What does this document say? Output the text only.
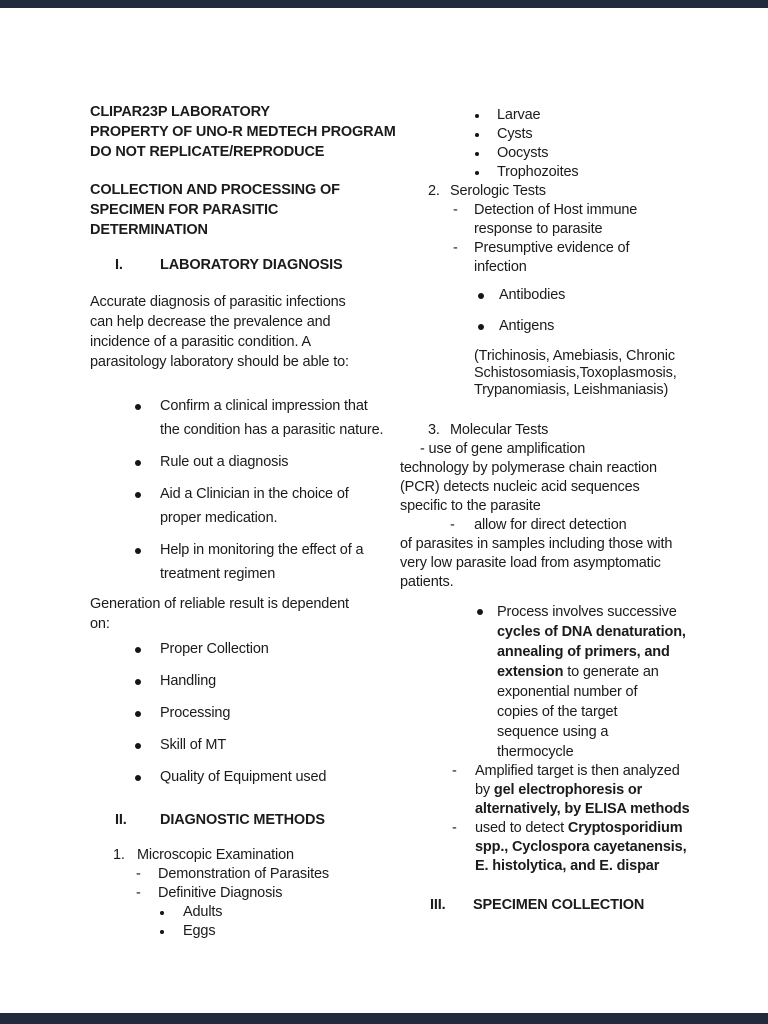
CLIPAR23P LABORATORY
PROPERTY OF UNO-R MEDTECH PROGRAM
DO NOT REPLICATE/REPRODUCE
COLLECTION AND PROCESSING OF
SPECIMEN FOR PARASITIC
DETERMINATION
I.	LABORATORY DIAGNOSIS
Accurate diagnosis of parasitic infections
can help decrease the prevalence and
incidence of a parasitic condition. A
parasitology laboratory should be able to:
Confirm a clinical impression that
the condition has a parasitic nature.
Rule out a diagnosis
Aid a Clinician in the choice of
proper medication.
Help in monitoring the effect of a
treatment regimen
Generation of reliable result is dependent
on:
Proper Collection
Handling
Processing
Skill of MT
Quality of Equipment used
II.	DIAGNOSTIC METHODS
1. Microscopic Examination
-	Demonstration of Parasites
-	Definitive Diagnosis
Adults
Eggs
Larvae
Cysts
Oocysts
Trophozoites
2. Serologic Tests
-	Detection of Host immune
response to parasite
-	Presumptive evidence of
infection
Antibodies
Antigens
(Trichinosis, Amebiasis, Chronic
Schistosomiasis,Toxoplasmosis,
Trypanomiasis, Leishmaniasis)
3. Molecular Tests
- use of gene amplification
technology by polymerase chain reaction
(PCR) detects nucleic acid sequences
specific to the parasite
-     allow for direct detection
of parasites in samples including those with
very low parasite load from asymptomatic
patients.
Process involves successive
cycles of DNA denaturation,
annealing of primers, and
extension to generate an
exponential number of
copies of the target
sequence using a
thermocycle
- Amplified target is then analyzed
by gel electrophoresis or
alternatively, by ELISA methods
- used to detect Cryptosporidium
spp., Cyclospora cayetanensis,
E. histolytica, and E. dispar
III.	SPECIMEN COLLECTION
